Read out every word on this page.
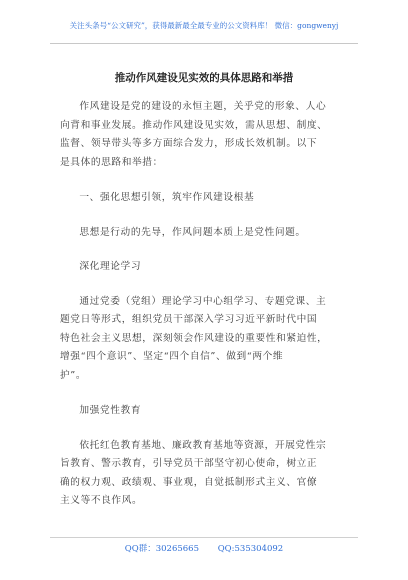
关注头条号“公文研究”，获得最新最全最专业的公文资料库！ 微信：gongwenyj
推动作风建设见实效的具体思路和举措

作风建设是党的建设的永恒主题，关乎党的形象、人心
向背和事业发展。推动作风建设见实效，需从思想、制度、
监督、领导带头等多方面综合发力，形成长效机制。以下
是具体的思路和举措：

一、强化思想引领，筑牢作风建设根基

思想是行动的先导，作风问题本质上是党性问题。

深化理论学习

通过党委（党组）理论学习中心组学习、专题党课、主
题党日等形式，组织党员干部深入学习习近平新时代中国
特色社会主义思想，深刻领会作风建设的重要性和紧迫性，
增强“四个意识”、坚定“四个自信”、做到“两个维
护”。

加强党性教育

依托红色教育基地、廉政教育基地等资源，开展党性宗
旨教育、警示教育，引导党员干部坚守初心使命，树立正
确的权力观、政绩观、事业观，自觉抵制形式主义、官僚
主义等不良作风。

QQ群：30265665 QQ:535304092
